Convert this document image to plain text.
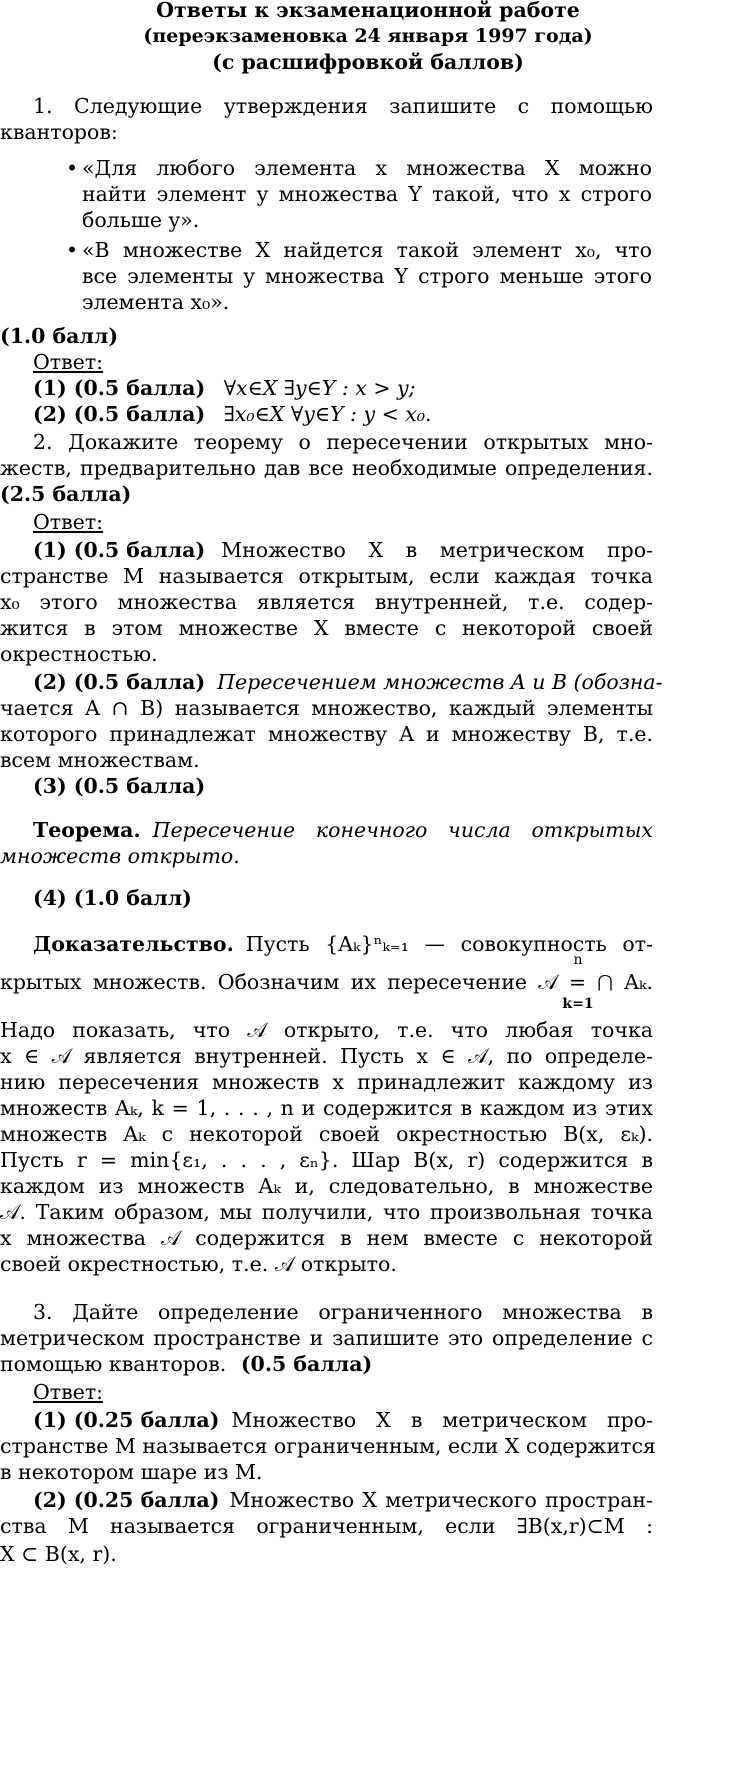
Ответы к экзаменационной работе
(переэкзаменовка 24 января 1997 года)
(с расшифровкой баллов)
1. Следующие утверждения запишите с помощью
кванторов:
• «Для любого элемента x множества X можно
найти элемент y множества Y такой, что x строго
больше y».
• «В множестве X найдется такой элемент x₀, что
все элементы y множества Y строго меньше этого
элемента x₀».
(1.0 балл)
Ответ:
(1) (0.5 балла) ∀x∈X ∃y∈Y : x > y;
(2) (0.5 балла) ∃x₀∈X ∀y∈Y : y < x₀.
2. Докажите теорему о пересечении открытых мно-
жеств, предварительно дав все необходимые определения.
(2.5 балла)
Ответ:
(1) (0.5 балла) Множество X в метрическом про-
странстве M называется открытым, если каждая точка
x₀ этого множества является внутренней, т.е. содер-
жится в этом множестве X вместе с некоторой своей
окрестностью.
(2) (0.5 балла) Пересечением множеств A и B (обозна-
чается A ∩ B) называется множество, каждый элементы
которого принадлежат множеству A и множеству B, т.е.
всем множествам.
(3) (0.5 балла)
Теорема. Пересечение конечного числа открытых
множеств открыто.
(4) (1.0 балл)
Доказательство. Пусть {Aₖ}ⁿₖ₌₁ — совокупность от-
n
крытых множеств. Обозначим их пересечение 𝒜 = ⋂ Aₖ.
k=1
Надо показать, что 𝒜 открыто, т.е. что любая точка
x ∈ 𝒜 является внутренней. Пусть x ∈ 𝒜, по определе-
нию пересечения множеств x принадлежит каждому из
множеств Aₖ, k = 1, . . . , n и содержится в каждом из этих
множеств Aₖ с некоторой своей окрестностью B(x, εₖ).
Пусть r = min{ε₁, . . . , εₙ}. Шар B(x, r) содержится в
каждом из множеств Aₖ и, следовательно, в множестве
𝒜. Таким образом, мы получили, что произвольная точка
x множества 𝒜 содержится в нем вместе с некоторой
своей окрестностью, т.е. 𝒜 открыто.
3. Дайте определение ограниченного множества в
метрическом пространстве и запишите это определение с
помощью кванторов. (0.5 балла)
Ответ:
(1) (0.25 балла) Множество X в метрическом про-
странстве M называется ограниченным, если X содержится
в некотором шаре из M.
(2) (0.25 балла) Множество X метрического простран-
ства M называется ограниченным, если ∃B(x,r)⊂M :
X ⊂ B(x, r).
